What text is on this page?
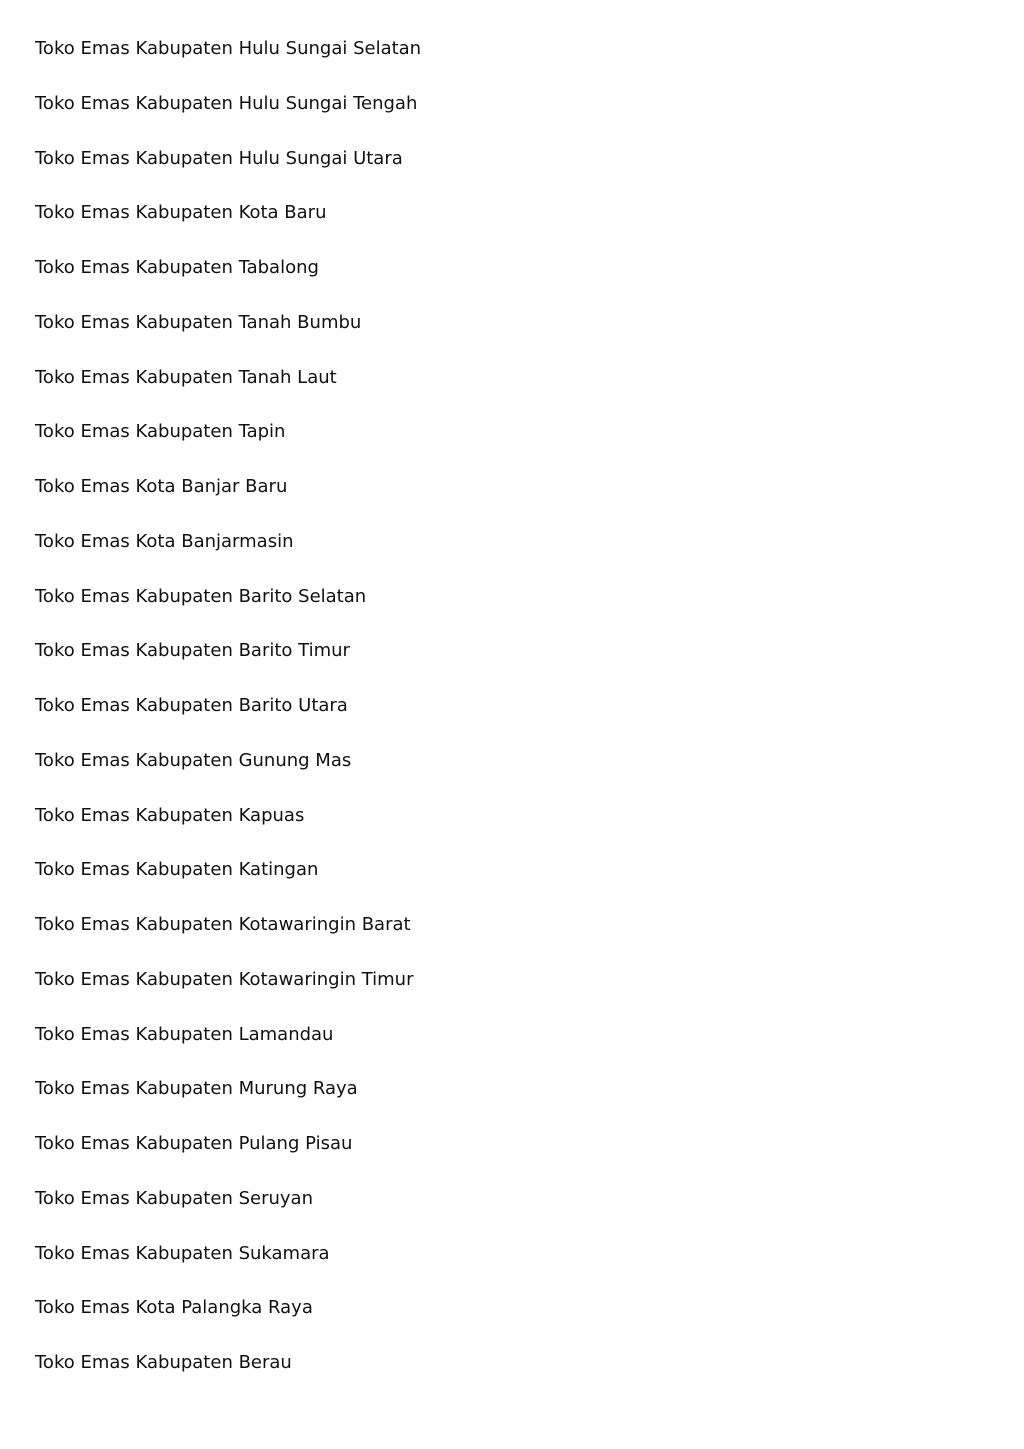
Toko Emas Kabupaten Hulu Sungai Selatan
Toko Emas Kabupaten Hulu Sungai Tengah
Toko Emas Kabupaten Hulu Sungai Utara
Toko Emas Kabupaten Kota Baru
Toko Emas Kabupaten Tabalong
Toko Emas Kabupaten Tanah Bumbu
Toko Emas Kabupaten Tanah Laut
Toko Emas Kabupaten Tapin
Toko Emas Kota Banjar Baru
Toko Emas Kota Banjarmasin
Toko Emas Kabupaten Barito Selatan
Toko Emas Kabupaten Barito Timur
Toko Emas Kabupaten Barito Utara
Toko Emas Kabupaten Gunung Mas
Toko Emas Kabupaten Kapuas
Toko Emas Kabupaten Katingan
Toko Emas Kabupaten Kotawaringin Barat
Toko Emas Kabupaten Kotawaringin Timur
Toko Emas Kabupaten Lamandau
Toko Emas Kabupaten Murung Raya
Toko Emas Kabupaten Pulang Pisau
Toko Emas Kabupaten Seruyan
Toko Emas Kabupaten Sukamara
Toko Emas Kota Palangka Raya
Toko Emas Kabupaten Berau
